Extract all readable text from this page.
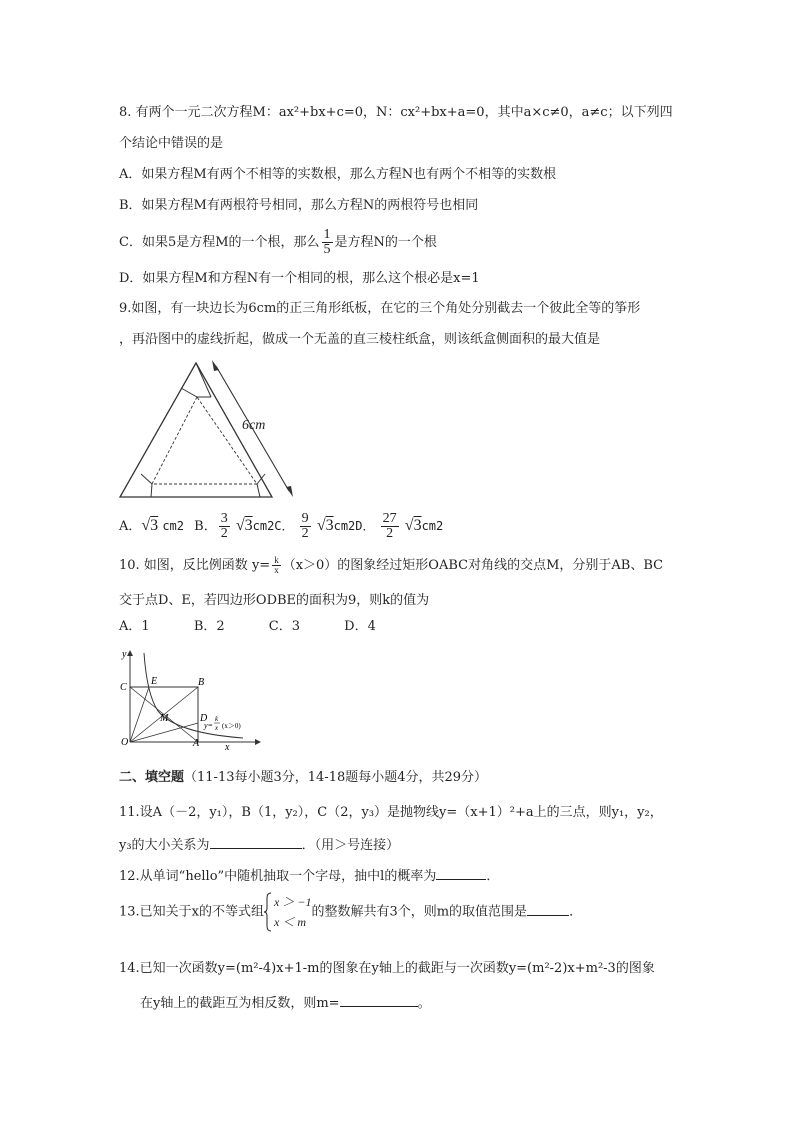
8. 有两个一元二次方程M：ax²+bx+c=0，N：cx²+bx+a=0，其中a×c≠0，a≠c；以下列四
个结论中错误的是
A．如果方程M有两个不相等的实数根，那么方程N也有两个不相等的实数根
B．如果方程M有两根符号相同，那么方程N的两根符号也相同
C．如果5是方程M的一个根，那么 $\frac{1}{5}$ 是方程N的一个根
D．如果方程M和方程N有一个相同的根，那么这个根必是x=1
9.如图，有一块边长为6cm的正三角形纸板，在它的三个角处分别截去一个彼此全等的筝形
，再沿图中的虚线折起，做成一个无盖的直三棱柱纸盒，则该纸盒侧面积的最大值是
6cm
A．√3 cm2 B． $\frac{3}{2} √3cm2C$． $\frac{9}{2} √3cm2D$． $\frac{27}{2} √3cm2$
10. 如图，反比例函数 $y= \frac{k}{x} (x>0)$的图象经过矩形OABC对角线的交点M，分别于AB、BC
交于点D、E，若四边形ODBE的面积为9，则k的值为
A．1	B．2	C．3	D．4
y
x
C
E	B
M	D
O	A
y=
k
x (x＞0)
二、填空题（11-13每小题3分，14-18题每小题4分，共29分）
11.设A（－2，y₁），B（1，y₂），C（2，y₃）是抛物线y=（x+1）²+a上的三点，则y₁，y₂，
y₃的大小关系为	．（用＞号连接）
12.从单词“hello”中随机抽取一个字母，抽中l的概率为	．
13.已知关于x的不等式组
x ＞ −1
x ＜ m
的整数解共有3个，则m的取值范围是	．
14.已知一次函数y=(m²-4)x+1-m的图象在y轴上的截距与一次函数y=(m²-2)x+m²-3的图象
在y轴上的截距互为相反数，则m=	。
